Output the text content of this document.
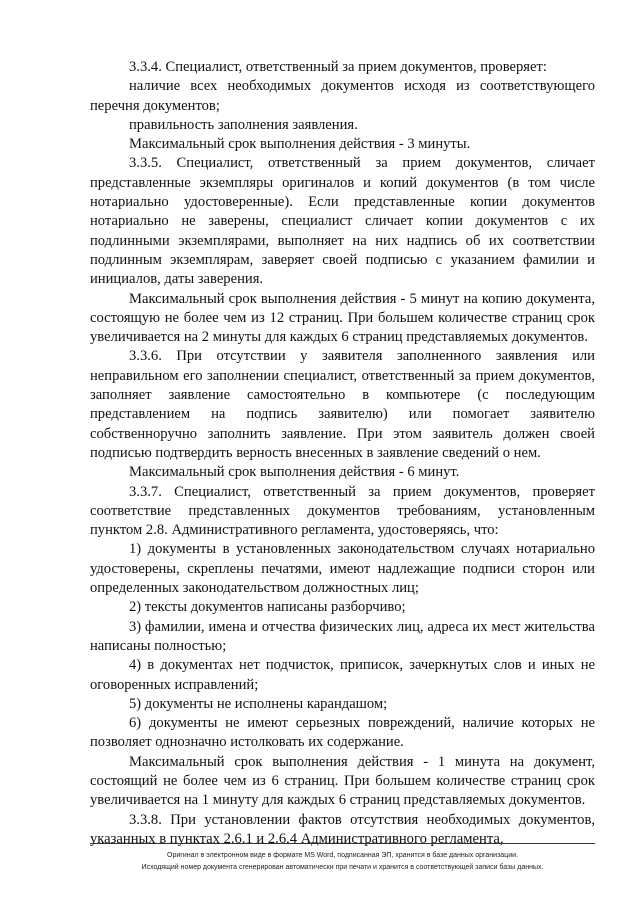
3.3.4. Специалист, ответственный за прием документов, проверяет:

наличие всех необходимых документов исходя из соответствующего перечня документов;

правильность заполнения заявления.

Максимальный срок выполнения действия - 3 минуты.

3.3.5. Специалист, ответственный за прием документов, сличает представленные экземпляры оригиналов и копий документов (в том числе нотариально удостоверенные). Если представленные копии документов нотариально не заверены, специалист сличает копии документов с их подлинными экземплярами, выполняет на них надпись об их соответствии подлинным экземплярам, заверяет своей подписью с указанием фамилии и инициалов, даты заверения.

Максимальный срок выполнения действия - 5 минут на копию документа, состоящую не более чем из 12 страниц. При большем количестве страниц срок увеличивается на 2 минуты для каждых 6 страниц представляемых документов.

3.3.6. При отсутствии у заявителя заполненного заявления или неправильном его заполнении специалист, ответственный за прием документов, заполняет заявление самостоятельно в компьютере (с последующим представлением на подпись заявителю) или помогает заявителю собственноручно заполнить заявление. При этом заявитель должен своей подписью подтвердить верность внесенных в заявление сведений о нем.

Максимальный срок выполнения действия - 6 минут.

3.3.7. Специалист, ответственный за прием документов, проверяет соответствие представленных документов требованиям, установленным пунктом 2.8. Административного регламента, удостоверяясь, что:

1) документы в установленных законодательством случаях нотариально удостоверены, скреплены печатями, имеют надлежащие подписи сторон или определенных законодательством должностных лиц;

2) тексты документов написаны разборчиво;

3) фамилии, имена и отчества физических лиц, адреса их мест жительства написаны полностью;

4) в документах нет подчисток, приписок, зачеркнутых слов и иных не оговоренных исправлений;

5) документы не исполнены карандашом;

6) документы не имеют серьезных повреждений, наличие которых не позволяет однозначно истолковать их содержание.

Максимальный срок выполнения действия - 1 минута на документ, состоящий не более чем из 6 страниц. При большем количестве страниц срок увеличивается на 1 минуту для каждых 6 страниц представляемых документов.

3.3.8. При установлении фактов отсутствия необходимых документов, указанных в пунктах 2.6.1 и 2.6.4 Административного регламента,

Оригинал в электронном виде в формате MS Word, подписанная ЭП, хранится в базе данных организации.
Исходящий номер документа сгенерирован автоматически при печати и хранится в соответствующей записи базы данных.
